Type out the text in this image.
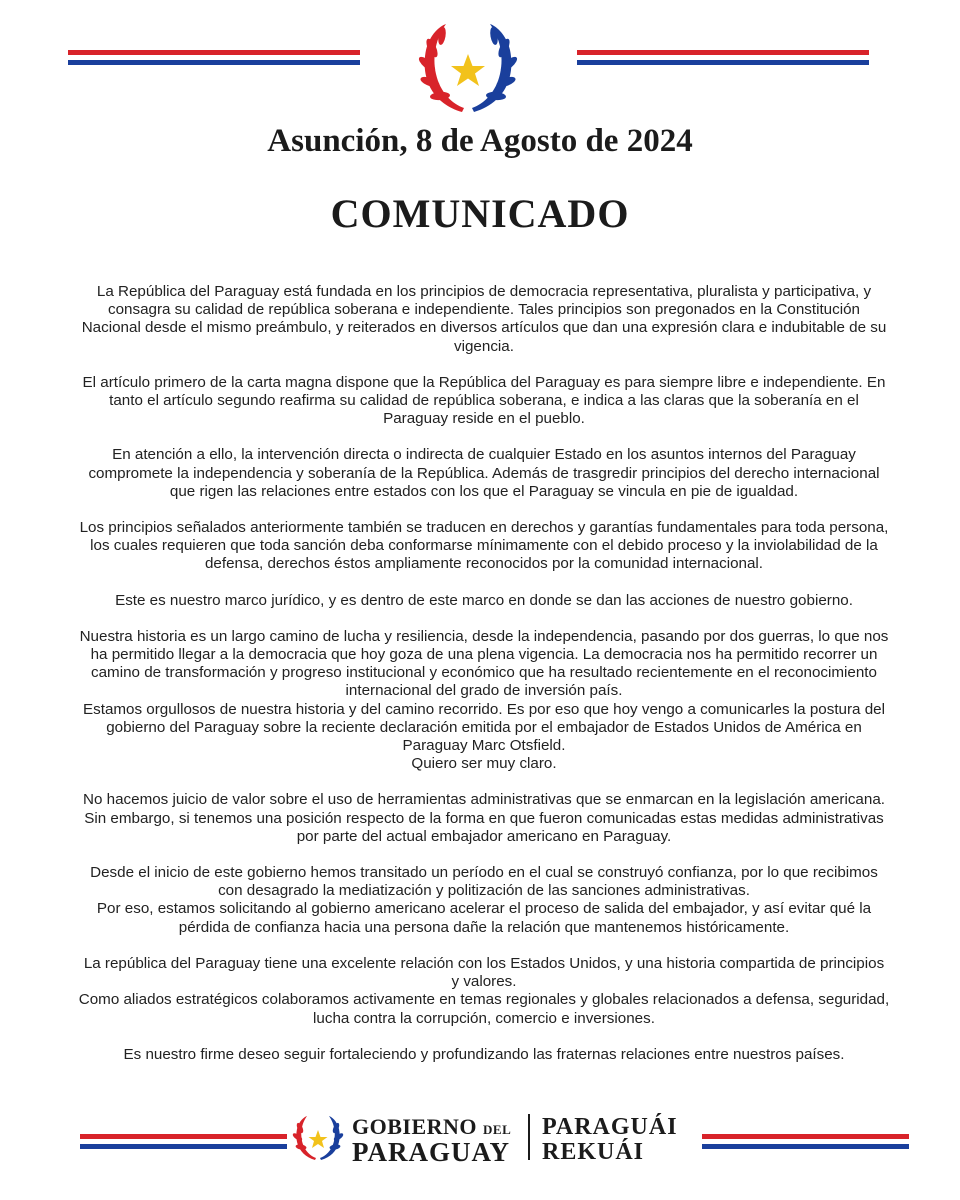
Asunción, 8 de Agosto de 2024
COMUNICADO

La República del Paraguay está fundada en los principios de democracia representativa, pluralista y participativa, y consagra su calidad de república soberana e independiente. Tales principios son pregonados en la Constitución Nacional desde el mismo preámbulo, y reiterados en diversos artículos que dan una expresión clara e indubitable de su vigencia.

El artículo primero de la carta magna dispone que la República del Paraguay es para siempre libre e independiente. En tanto el artículo segundo reafirma su calidad de república soberana, e indica a las claras que la soberanía en el Paraguay reside en el pueblo.

En atención a ello, la intervención directa o indirecta de cualquier Estado en los asuntos internos del Paraguay compromete la independencia y soberanía de la República. Además de trasgredir principios del derecho internacional que rigen las relaciones entre estados con los que el Paraguay se vincula en pie de igualdad.

Los principios señalados anteriormente también se traducen en derechos y garantías fundamentales para toda persona, los cuales requieren que toda sanción deba conformarse mínimamente con el debido proceso y la inviolabilidad de la defensa, derechos éstos ampliamente reconocidos por la comunidad internacional.

Este es nuestro marco jurídico, y es dentro de este marco en donde se dan las acciones de nuestro gobierno.

Nuestra historia es un largo camino de lucha y resiliencia, desde la independencia, pasando por dos guerras, lo que nos ha permitido llegar a la democracia que hoy goza de una plena vigencia. La democracia nos ha permitido recorrer un camino de transformación y progreso institucional y económico que ha resultado recientemente en el reconocimiento internacional del grado de inversión país.

Estamos orgullosos de nuestra historia y del camino recorrido. Es por eso que hoy vengo a comunicarles la postura del gobierno del Paraguay sobre la reciente declaración emitida por el embajador de Estados Unidos de América en Paraguay Marc Otsfield.

Quiero ser muy claro.

No hacemos juicio de valor sobre el uso de herramientas administrativas que se enmarcan en la legislación americana. Sin embargo, si tenemos una posición respecto de la forma en que fueron comunicadas estas medidas administrativas por parte del actual embajador americano en Paraguay.

Desde el inicio de este gobierno hemos transitado un período en el cual se construyó confianza, por lo que recibimos con desagrado la mediatización y politización de las sanciones administrativas.

Por eso, estamos solicitando al gobierno americano acelerar el proceso de salida del embajador, y así evitar qué la pérdida de confianza hacia una persona dañe la relación que mantenemos históricamente.

La república del Paraguay tiene una excelente relación con los Estados Unidos, y una historia compartida de principios y valores.

Como aliados estratégicos colaboramos activamente en temas regionales y globales relacionados a defensa, seguridad, lucha contra la corrupción, comercio e inversiones.

Es nuestro firme deseo seguir fortaleciendo y profundizando las fraternas relaciones entre nuestros países.

GOBIERNO DEL
PARAGUAY
PARAGUÁI
REKUÁI
